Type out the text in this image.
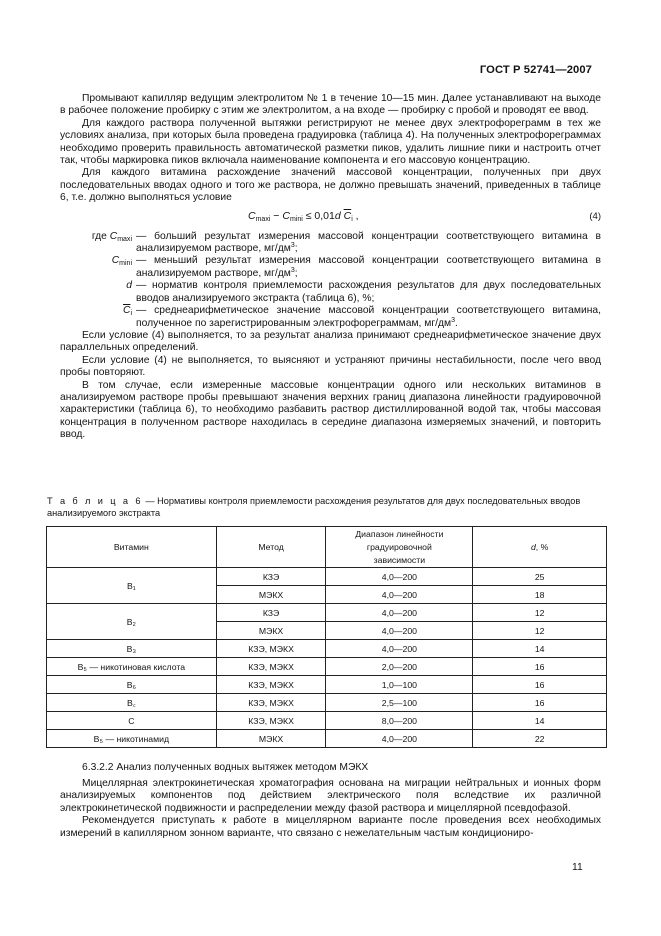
ГОСТ Р 52741—2007

Промывают капилляр ведущим электролитом № 1 в течение 10—15 мин. Далее устанавливают на выходе в рабочее положение пробирку с этим же электролитом, а на входе — пробирку с пробой и проводят ее ввод.

Для каждого раствора полученной вытяжки регистрируют не менее двух электрофореграмм в тех же условиях анализа, при которых была проведена градуировка (таблица 4). На полученных электрофореграммах необходимо проверить правильность автоматической разметки пиков, удалить лишние пики и настроить отчет так, чтобы маркировка пиков включала наименование компонента и его массовую концентрацию.

Для каждого витамина расхождение значений массовой концентрации, полученных при двух последовательных вводах одного и того же раствора, не должно превышать значений, приведенных в таблице 6, т.е. должно выполняться условие

$C_{maxi} - C_{mini} \le 0,01d$ $\overline{C}_i$ ,	(4)
где $C_{maxi}$ — больший результат измерения массовой концентрации соответствующего витамина в анализируемом растворе, $мг/дм^3$;
$C_{mini}$ — меньший результат измерения массовой концентрации соответствующего витамина в анализируемом растворе, $мг/дм^3$;
d — норматив контроля приемлемости расхождения результатов для двух последовательных вводов анализируемого экстракта (таблица 6), %;
$\overline{C}_i$ — среднеарифметическое значение массовой концентрации соответствующего витамина, полученное по зарегистрированным электрофореграммам, $мг/дм^3$.

Если условие (4) выполняется, то за результат анализа принимают среднеарифметическое значение двух параллельных определений.

Если условие (4) не выполняется, то выясняют и устраняют причины нестабильности, после чего ввод пробы повторяют.

В том случае, если измеренные массовые концентрации одного или нескольких витаминов в анализируемом растворе пробы превышают значения верхних границ диапазона линейности градуировочной характеристики (таблица 6), то необходимо разбавить раствор дистиллированной водой так, чтобы массовая концентрация в полученном растворе находилась в середине диапазона измеряемых значений, и повторить ввод.

Т а б л и ц а 6 — Нормативы контроля приемлемости расхождения результатов для двух последовательных вводов анализируемого экстракта
Витамин	Метод	Диапазон линейности градуировочной зависимости	d, %
B₁	КЗЭ	4,0—200	25
	МЭКХ	4,0—200	18
B₂	КЗЭ	4,0—200	12
	МЭКХ	4,0—200	12
B₃	КЗЭ, МЭКХ	4,0—200	14
B₅ — никотиновая кислота	КЗЭ, МЭКХ	2,0—200	16
B₆	КЗЭ, МЭКХ	1,0—100	16
B꜀	КЗЭ, МЭКХ	2,5—100	16
C	КЗЭ, МЭКХ	8,0—200	14
B₅ — никотинамид	МЭКХ	4,0—200	22
6.3.2.2 Анализ полученных водных вытяжек методом МЭКХ

Мицеллярная электрокинетическая хроматография основана на миграции нейтральных и ионных форм анализируемых компонентов под действием электрического поля вследствие их различной электрокинетической подвижности и распределении между фазой раствора и мицеллярной псевдофазой.

Рекомендуется приступать к работе в мицеллярном варианте после проведения всех необходимых измерений в капиллярном зонном варианте, что связано с нежелательным частым кондициониро-

11
